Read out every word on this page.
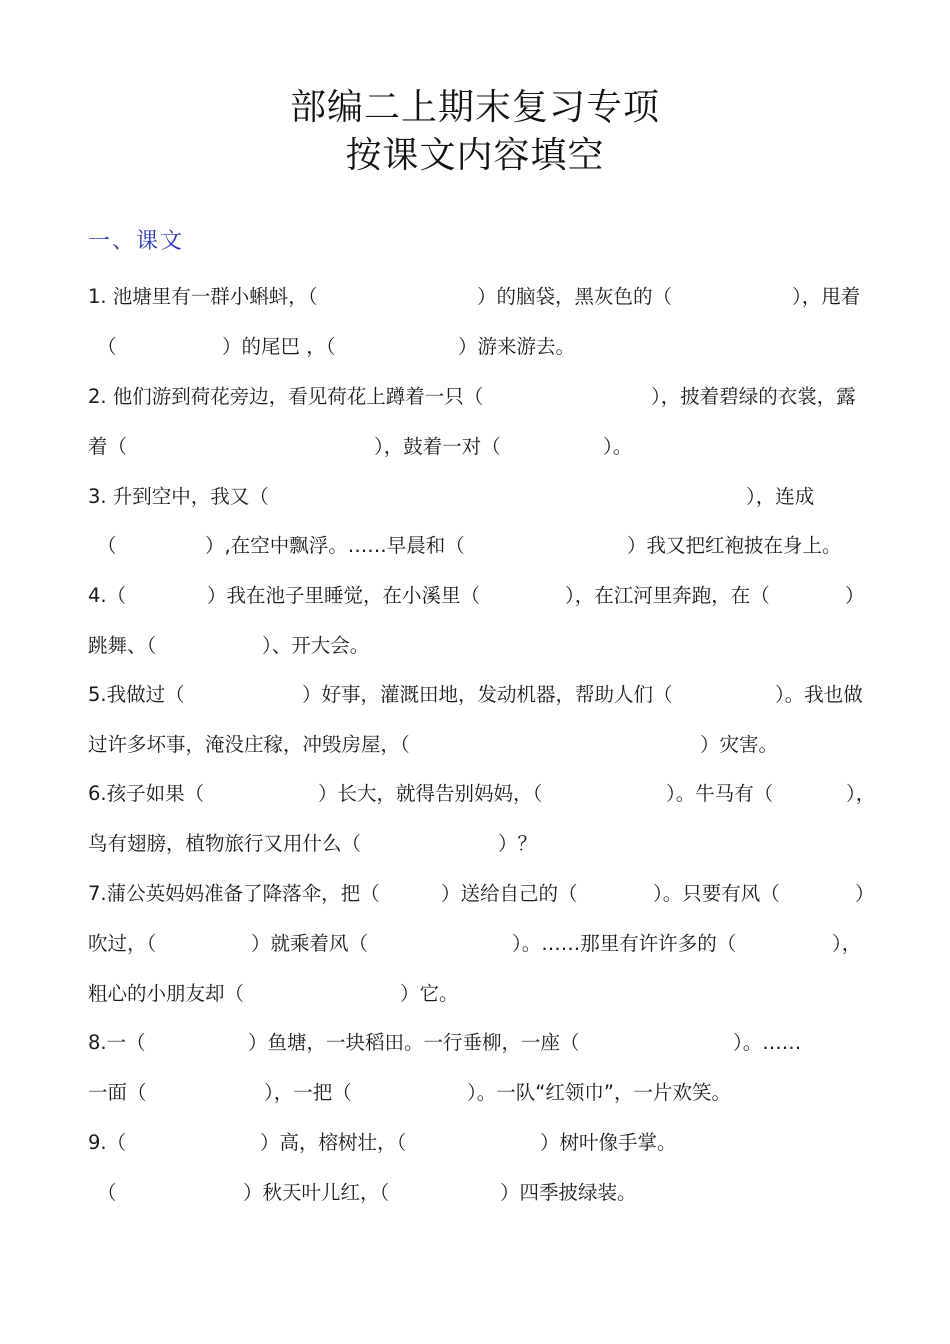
部编二上期末复习专项
按课文内容填空
一、课文
1. 池塘里有一群小蝌蚪，（	）的脑袋，黑灰色的（	），甩着
（	）的尾巴 ，（	）游来游去。
2. 他们游到荷花旁边，看见荷花上蹲着一只（	），披着碧绿的衣裳，露
着（	），鼓着一对（	）。
3. 升到空中，我又（	），连成
（	）,在空中飘浮。……早晨和（	）我又把红袍披在身上。
4.（	）我在池子里睡觉，在小溪里（	），在江河里奔跑，在（	）
跳舞、（	）、开大会。
5.我做过（	）好事，灌溉田地，发动机器，帮助人们（	）。我也做
过许多坏事，淹没庄稼，冲毁房屋，（	）灾害。
6.孩子如果（	）长大，就得告别妈妈，（	）。牛马有（	），
鸟有翅膀，植物旅行又用什么（	）？
7.蒲公英妈妈准备了降落伞，把（	）送给自己的（	）。只要有风（	）
吹过，（	）就乘着风（	）。……那里有许许多的（	），
粗心的小朋友却（	）它。
8.一（	）鱼塘，一块稻田。一行垂柳，一座（	）。……
一面（	），一把（	）。一队“红领巾”，一片欢笑。
9.（	）高，榕树壮，（	）树叶像手掌。
（	）秋天叶儿红，（	）四季披绿装。
